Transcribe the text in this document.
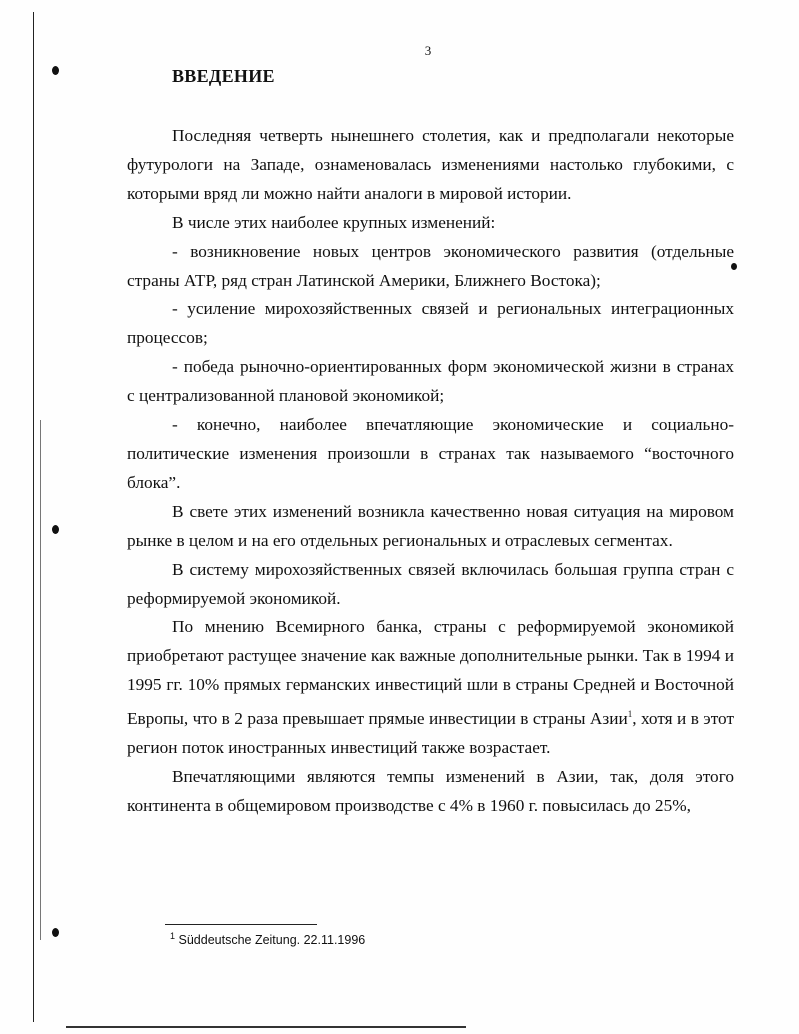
3
ВВЕДЕНИЕ

Последняя четверть нынешнего столетия, как и предполагали некоторые футурологи на Западе, ознаменовалась изменениями настолько глубокими, с которыми вряд ли можно найти аналоги в мировой истории.

В числе этих наиболее крупных изменений:

- возникновение новых центров экономического развития (отдельные страны АТР, ряд стран Латинской Америки, Ближнего Востока);

- усиление мирохозяйственных связей и региональных интеграционных процессов;

- победа рыночно-ориентированных форм экономической жизни в странах с централизованной плановой экономикой;

- конечно, наиболее впечатляющие экономические и социально-политические изменения произошли в странах так называемого “восточного блока”.

В свете этих изменений возникла качественно новая ситуация на мировом рынке в целом и на его отдельных региональных и отраслевых сегментах.

В систему мирохозяйственных связей включилась большая группа стран с реформируемой экономикой.

По мнению Всемирного банка, страны с реформируемой экономикой приобретают растущее значение как важные дополнительные рынки. Так в 1994 и 1995 гг. 10% прямых германских инвестиций шли в страны Средней и Восточной Европы, что в 2 раза превышает прямые инвестиции в страны Азии$^1$, хотя и в этот регион поток иностранных инвестиций также возрастает.

Впечатляющими являются темпы изменений в Азии, так, доля этого континента в общемировом производстве с 4% в 1960 г. повысилась до 25%,

$^1$ Süddeutsche Zeitung. 22.11.1996
